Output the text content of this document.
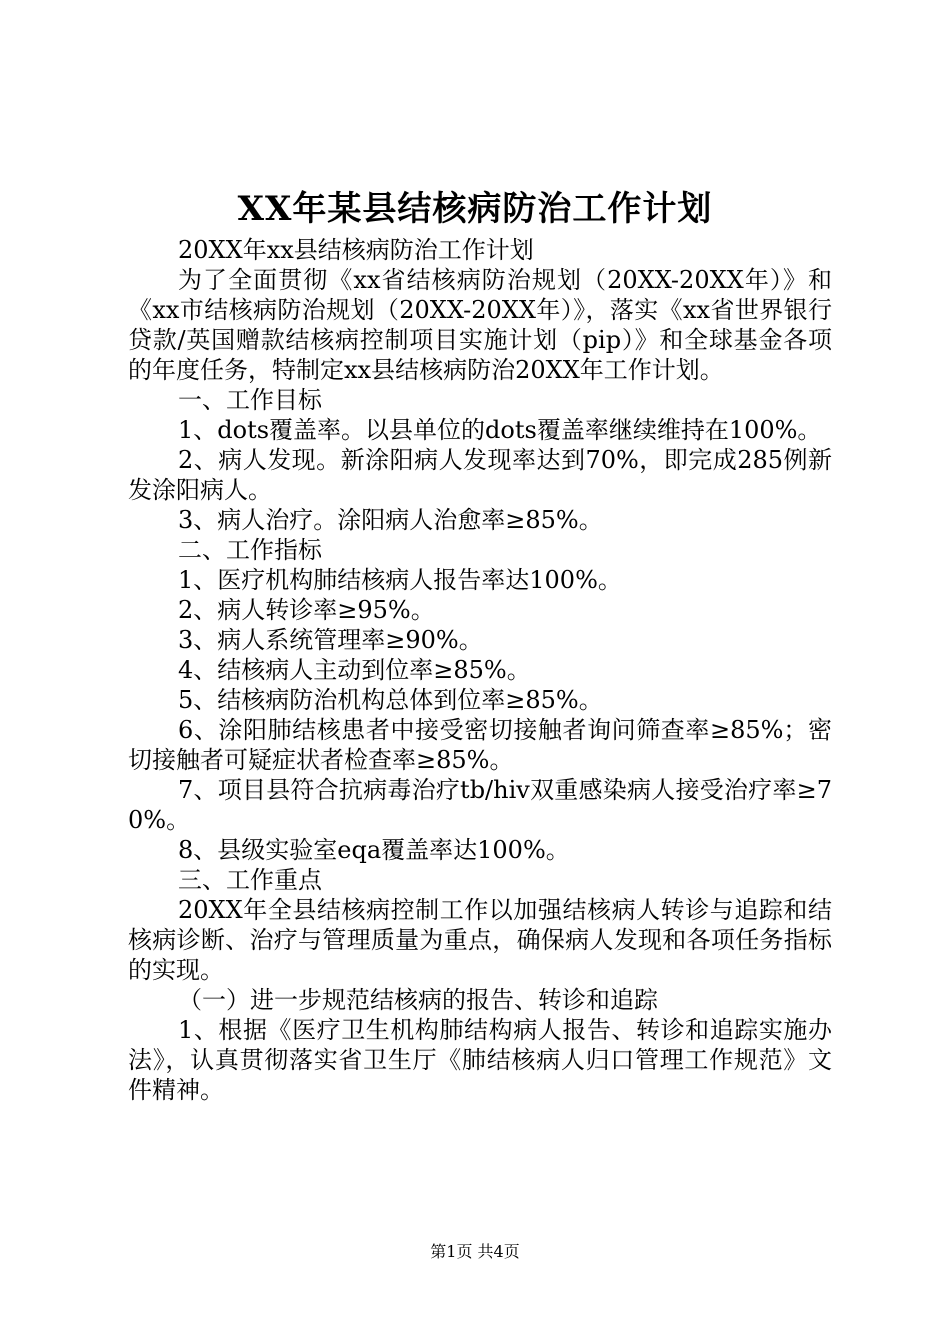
XX年某县结核病防治工作计划

20XX年xx县结核病防治工作计划

为了全面贯彻《xx省结核病防治规划（20XX-20XX年）》和《xx市结核病防治规划（20XX-20XX年）》，落实《xx省世界银行贷款/英国赠款结核病控制项目实施计划（pip）》和全球基金各项的年度任务，特制定xx县结核病防治20XX年工作计划。

一、工作目标

1、dots覆盖率。以县单位的dots覆盖率继续维持在100%。

2、病人发现。新涂阳病人发现率达到70%，即完成285例新发涂阳病人。

3、病人治疗。涂阳病人治愈率≥85%。

二、工作指标

1、医疗机构肺结核病人报告率达100%。

2、病人转诊率≥95%。

3、病人系统管理率≥90%。

4、结核病人主动到位率≥85%。

5、结核病防治机构总体到位率≥85%。

6、涂阳肺结核患者中接受密切接触者询问筛查率≥85%；密切接触者可疑症状者检查率≥85%。

7、项目县符合抗病毒治疗tb/hiv双重感染病人接受治疗率≥70%。

8、县级实验室eqa覆盖率达100%。

三、工作重点

20XX年全县结核病控制工作以加强结核病人转诊与追踪和结核病诊断、治疗与管理质量为重点，确保病人发现和各项任务指标的实现。

（一）进一步规范结核病的报告、转诊和追踪

1、根据《医疗卫生机构肺结构病人报告、转诊和追踪实施办法》，认真贯彻落实省卫生厅《肺结核病人归口管理工作规范》文件精神。

第1页 共4页
